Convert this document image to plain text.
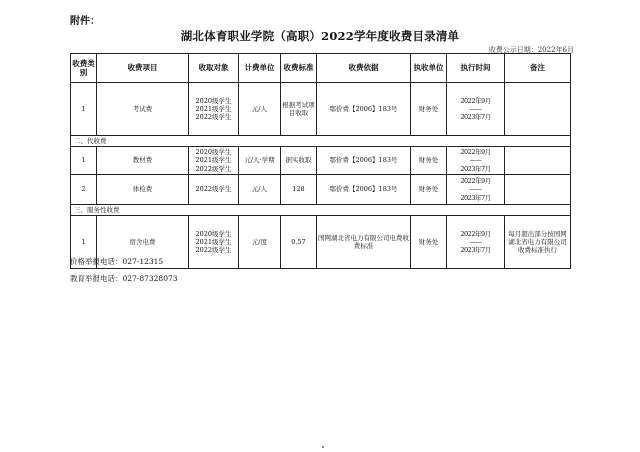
附件：
湖北体育职业学院（高职）2022学年度收费目录清单
收费公示日期：2022年6月
收费类别	收费项目	收取对象	计费单位	收费标准	收费依据	执收单位	执行时间	备注
1	考试费	2020级学生 2021级学生 2022级学生	元/人	根据考试项目收取	鄂价费【2006】183号	财务处	2022年9月
——
2023年7月	

二、代收费								
1	教材费	2020级学生 2021级学生 2022级学生	元/人·学期	据实收取	鄂价费【2006】183号	财务处	2022年9月
——
2023年7月	

2	体检费	2022级学生	元/人	128	鄂价费【2006】183号	财务处	2022年9月
——
2023年7月	

三、服务性收费								
1	宿舍电费	2020级学生 2021级学生 2022级学生	元/度	0.57	国网湖北省电力有限公司电费收费标准	财务处	2022年9月
——
2023年7月	每月超出部分按国网湖北省电力有限公司收费标准执行
价格举报电话：027-12315
教育举报电话：027-87328073
